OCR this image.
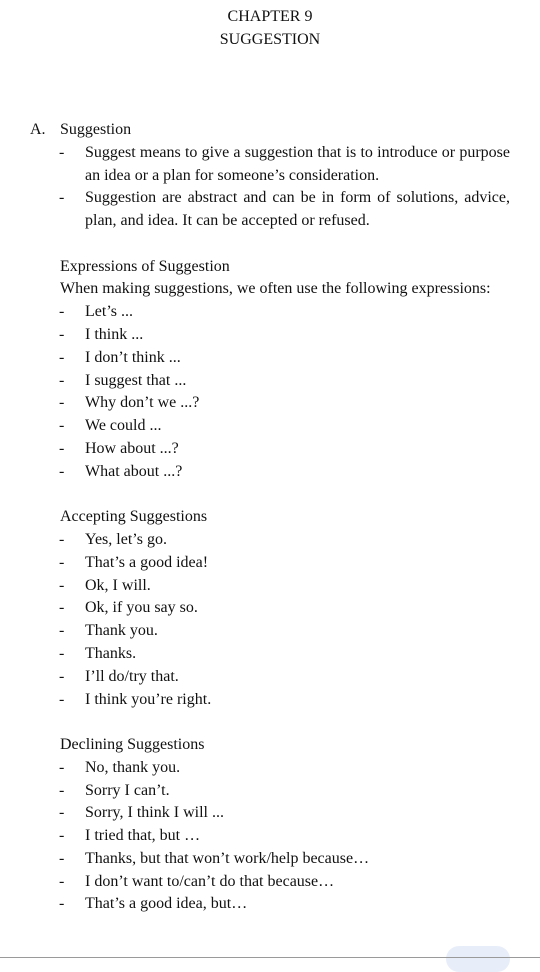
CHAPTER 9
SUGGESTION
A. Suggestion
- Suggest means to give a suggestion that is to introduce or purpose an idea or a plan for someone’s consideration.
- Suggestion are abstract and can be in form of solutions, advice, plan, and idea. It can be accepted or refused.
Expressions of Suggestion
When making suggestions, we often use the following expressions:
- Let’s ...
- I think ...
- I don’t think ...
- I suggest that ...
- Why don’t we ...?
- We could ...
- How about ...?
- What about ...?
Accepting Suggestions
- Yes, let’s go.
- That’s a good idea!
- Ok, I will.
- Ok, if you say so.
- Thank you.
- Thanks.
- I’ll do/try that.
- I think you’re right.
Declining Suggestions
- No, thank you.
- Sorry I can’t.
- Sorry, I think I will ...
- I tried that, but …
- Thanks, but that won’t work/help because…
- I don’t want to/can’t do that because…
- That’s a good idea, but…
